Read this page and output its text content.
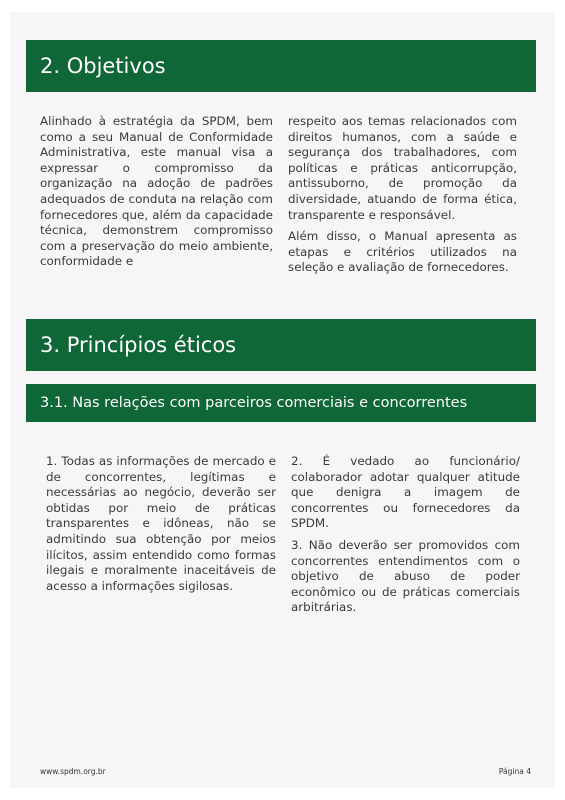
2. Objetivos

Alinhado à estratégia da SPDM, bem como a seu Manual de Conformidade Administrativa, este manual visa a expressar o compromisso da organização na adoção de padrões adequados de conduta na relação com fornecedores que, além da capacidade técnica, demonstrem compromisso com a preservação do meio ambiente, conformidade e

respeito aos temas relacionados com direitos humanos, com a saúde e segurança dos trabalhadores, com políticas e práticas anticorrupção, antissuborno, de promoção da diversidade, atuando de forma ética, transparente e responsável.

Além disso, o Manual apresenta as etapas e critérios utilizados na seleção e avaliação de fornecedores.

3. Princípios éticos
3.1. Nas relações com parceiros comerciais e concorrentes

1. Todas as informações de mercado e de concorrentes, legítimas e necessárias ao negócio, deverão ser obtidas por meio de práticas transparentes e idôneas, não se admitindo sua obtenção por meios ilícitos, assim entendido como formas ilegais e moralmente inaceitáveis de acesso a informações sigilosas.

2. É vedado ao funcionário/ colaborador adotar qualquer atitude que denigra a imagem de concorrentes ou fornecedores da SPDM.

3. Não deverão ser promovidos com concorrentes entendimentos com o objetivo de abuso de poder econômico ou de práticas comerciais arbitrárias.

www.spdm.org.br	Página 4
